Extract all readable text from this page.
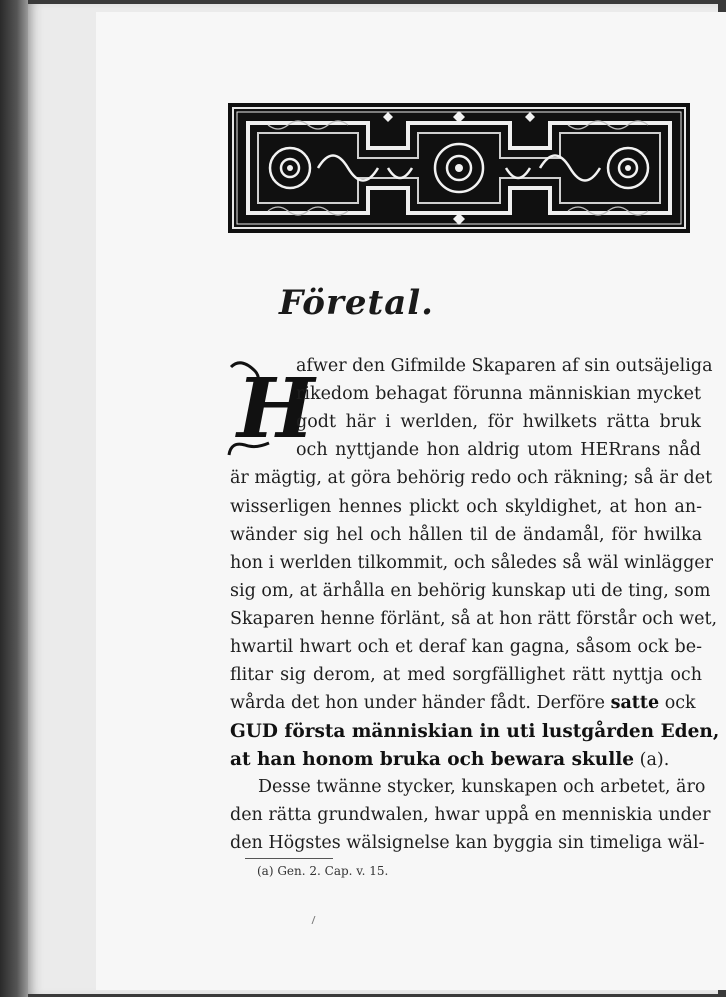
Företal.
H
afwer den Gifmilde Skaparen af sin outsäjeliga
rikedom behagat förunna människian mycket
godt här i werlden, för hwilkets rätta bruk
och nyttjande hon aldrig utom HERrans nåd
är mägtig, at göra behörig redo och räkning; så är det
wisserligen hennes plickt och skyldighet, at hon an-
wänder sig hel och hållen til de ändamål, för hwilka
hon i werlden tilkommit, och således så wäl winlägger
sig om, at ärhålla en behörig kunskap uti de ting, som
Skaparen henne förlänt, så at hon rätt förstår och wet,
hwartil hwart och et deraf kan gagna, såsom ock be-
flitar sig derom, at med sorgfällighet rätt nyttja och
wårda det hon under händer fådt. Derföre satte ock
GUD första människian in uti lustgården Eden,
at han honom bruka och bewara skulle (a).
Desse twänne stycker, kunskapen och arbetet, äro
den rätta grundwalen, hwar uppå en menniskia under
den Högstes wälsignelse kan byggia sin timeliga wäl-
(a) Gen. 2. Cap. v. 15.
